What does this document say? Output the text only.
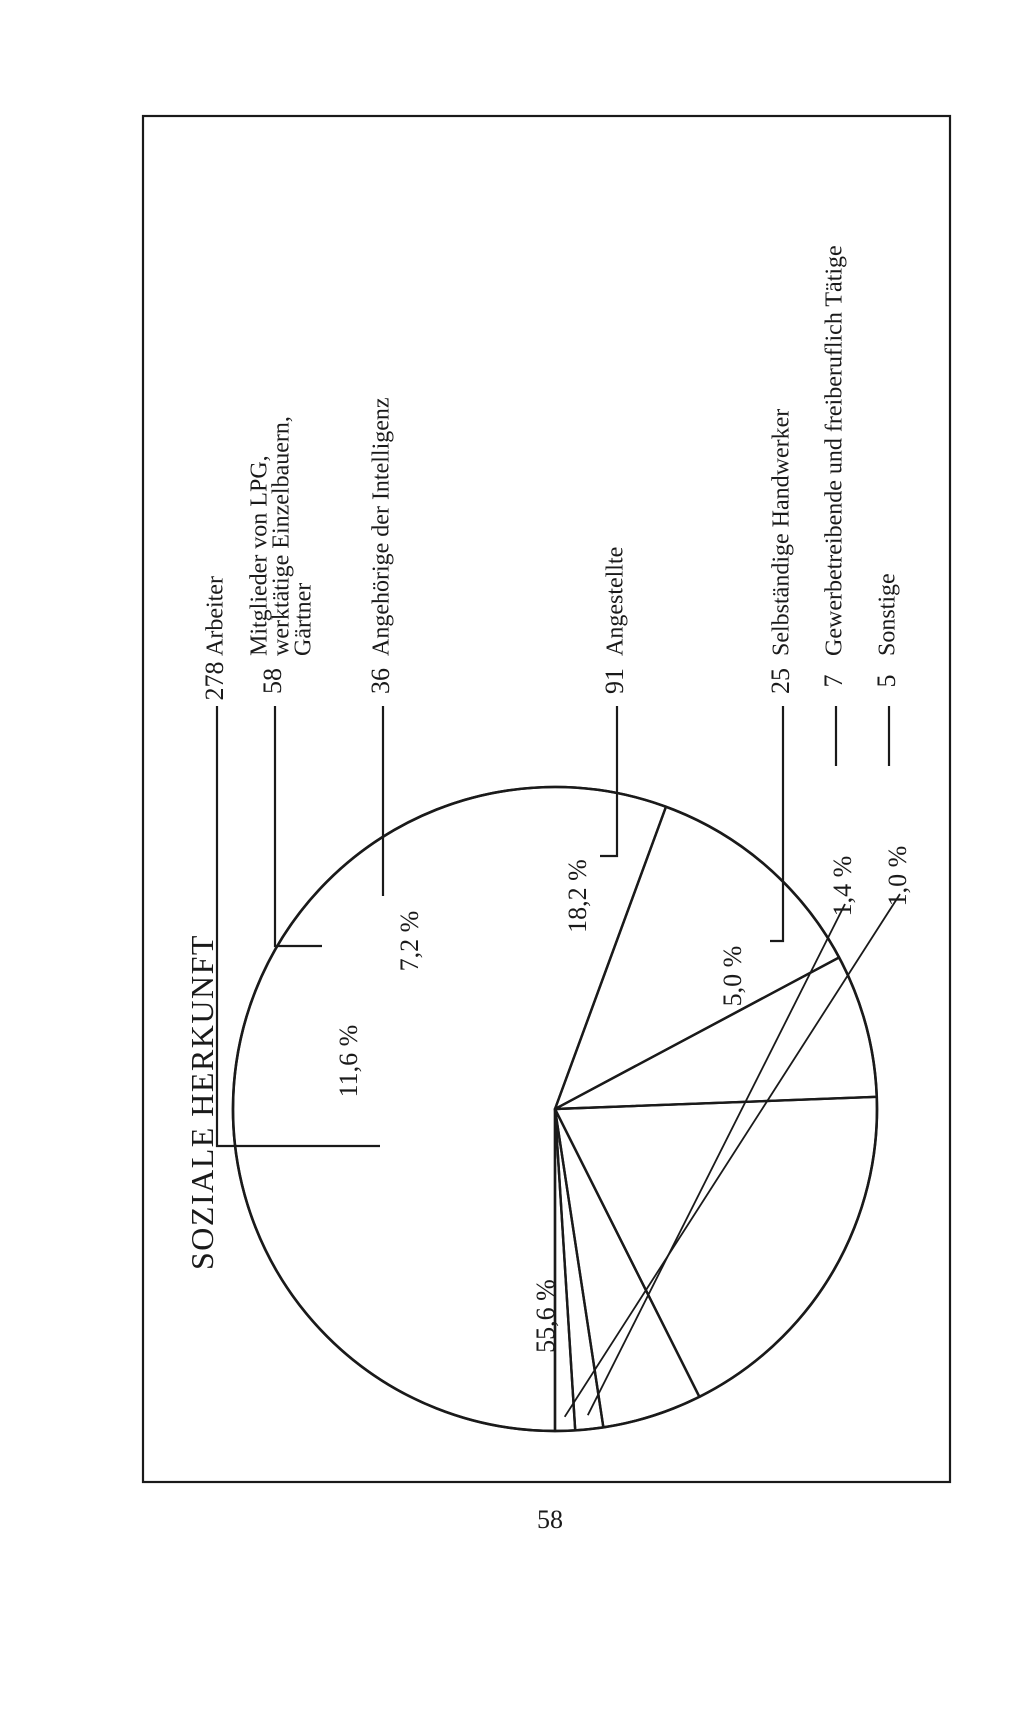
SOZIALE HERKUNFT
55,6 %
11,6 %
7,2 %
18,2 %
5,0 %
1,4 % 1,0 %
278 58	36	91	25 7 5
Arbeiter Mitglieder von LPG,
werktätige Einzelbauern,
Gärtner Angehörige der Intelligenz	Angestellte	Selbständige Handwerker Gewerbetreibende und freiberuflich Tätige Sonstige
58
